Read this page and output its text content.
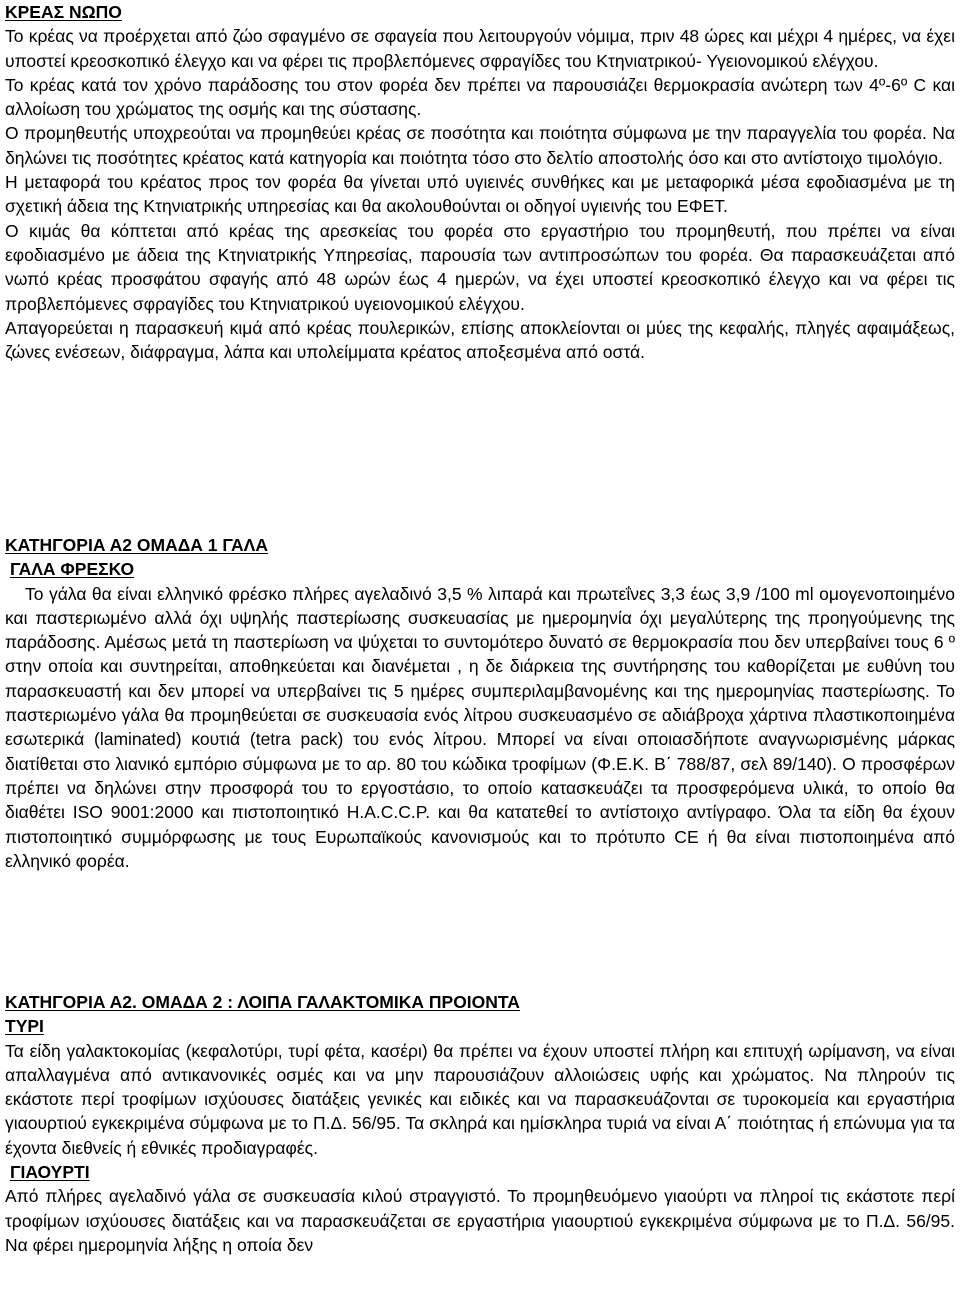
ΚΡΕΑΣ ΝΩΠΟ

Το κρέας να προέρχεται από ζώο σφαγμένο σε σφαγεία που λειτουργούν νόμιμα, πριν 48 ώρες και μέχρι 4 ημέρες, να έχει υποστεί κρεοσκοπικό έλεγχο και να φέρει τις προβλεπόμενες σφραγίδες του Κτηνιατρικού- Υγειονομικού ελέγχου.

Το κρέας κατά τον χρόνο παράδοσης του στον φορέα δεν πρέπει να παρουσιάζει θερμοκρασία ανώτερη των 4º-6º C και αλλοίωση του χρώματος της οσμής και της σύστασης.

Ο προμηθευτής υποχρεούται να προμηθεύει κρέας σε ποσότητα και ποιότητα σύμφωνα με την παραγγελία του φορέα. Να δηλώνει τις ποσότητες κρέατος κατά κατηγορία και ποιότητα τόσο στο δελτίο αποστολής όσο και στο αντίστοιχο τιμολόγιο.

Η μεταφορά του κρέατος προς τον φορέα θα γίνεται υπό υγιεινές συνθήκες και με μεταφορικά μέσα εφοδιασμένα με τη σχετική άδεια της Κτηνιατρικής υπηρεσίας και θα ακολουθούνται οι οδηγοί υγιεινής του ΕΦΕΤ.

Ο κιμάς θα κόπτεται από κρέας της αρεσκείας του φορέα στο εργαστήριο του προμηθευτή, που πρέπει να είναι εφοδιασμένο με άδεια της Κτηνιατρικής Υπηρεσίας, παρουσία των αντιπροσώπων του φορέα. Θα παρασκευάζεται από νωπό κρέας προσφάτου σφαγής από 48 ωρών έως 4 ημερών, να έχει υποστεί κρεοσκοπικό έλεγχο και να φέρει τις προβλεπόμενες σφραγίδες του Κτηνιατρικού υγειονομικού ελέγχου.

Απαγορεύεται η παρασκευή κιμά από κρέας πουλερικών, επίσης αποκλείονται οι μύες της κεφαλής, πληγές αφαιμάξεως, ζώνες ενέσεων, διάφραγμα, λάπα και υπολείμματα κρέατος αποξεσμένα από οστά.

ΚΑΤΗΓΟΡΙΑ Α2 ΟΜΑΔΑ 1 ΓΑΛΑ
ΓΑΛΑ ΦΡΕΣΚΟ

Το γάλα θα είναι ελληνικό φρέσκο πλήρες αγελαδινό 3,5 % λιπαρά και πρωτεΐνες 3,3 έως 3,9 /100 ml ομογενοποιημένο και παστεριωμένο αλλά όχι υψηλής παστερίωσης συσκευασίας με ημερομηνία όχι μεγαλύτερης της προηγούμενης της παράδοσης. Αμέσως μετά τη παστερίωση να ψύχεται το συντομότερο δυνατό σε θερμοκρασία που δεν υπερβαίνει τους 6 º στην οποία και συντηρείται, αποθηκεύεται και διανέμεται , η δε διάρκεια της συντήρησης του καθορίζεται με ευθύνη του παρασκευαστή και δεν μπορεί να υπερβαίνει τις 5 ημέρες συμπεριλαμβανομένης και της ημερομηνίας παστερίωσης. Το παστεριωμένο γάλα θα προμηθεύεται σε συσκευασία ενός λίτρου συσκευασμένο σε αδιάβροχα χάρτινα πλαστικοποιημένα εσωτερικά (laminated) κουτιά (tetra pack) του ενός λίτρου. Μπορεί να είναι οποιασδήποτε αναγνωρισμένης μάρκας διατίθεται στο λιανικό εμπόριο σύμφωνα με το αρ. 80 του κώδικα τροφίμων (Φ.Ε.Κ. Β΄ 788/87, σελ 89/140). Ο προσφέρων πρέπει να δηλώνει στην προσφορά του το εργοστάσιο, το οποίο κατασκευάζει τα προσφερόμενα υλικά, το οποίο θα διαθέτει ISO 9001:2000 και πιστοποιητικό H.A.C.C.P. και θα κατατεθεί το αντίστοιχο αντίγραφο. Όλα τα είδη θα έχουν πιστοποιητικό συμμόρφωσης με τους Ευρωπαϊκούς κανονισμούς και το πρότυπο CE ή θα είναι πιστοποιημένα από ελληνικό φορέα.

ΚΑΤΗΓΟΡΙΑ Α2. ΟΜΑΔΑ 2 : ΛΟΙΠΑ ΓΑΛΑΚΤΟΜΙΚΑ ΠΡΟΙΟΝΤΑ
ΤΥΡΙ

Τα είδη γαλακτοκομίας (κεφαλοτύρι, τυρί φέτα, κασέρι) θα πρέπει να έχουν υποστεί πλήρη και επιτυχή ωρίμανση, να είναι απαλλαγμένα από αντικανονικές οσμές και να μην παρουσιάζουν αλλοιώσεις υφής και χρώματος. Να πληρούν τις εκάστοτε περί τροφίμων ισχύουσες διατάξεις γενικές και ειδικές και να παρασκευάζονται σε τυροκομεία και εργαστήρια γιαουρτιού εγκεκριμένα σύμφωνα με το Π.Δ. 56/95. Τα σκληρά και ημίσκληρα τυριά να είναι Α΄ ποιότητας ή επώνυμα για τα έχοντα διεθνείς ή εθνικές προδιαγραφές.

ΓΙΑΟΥΡΤΙ

Από πλήρες αγελαδινό γάλα σε συσκευασία κιλού στραγγιστό. Το προμηθευόμενο γιαούρτι να πληροί τις εκάστοτε περί τροφίμων ισχύουσες διατάξεις και να παρασκευάζεται σε εργαστήρια γιαουρτιού εγκεκριμένα σύμφωνα με το Π.Δ. 56/95. Να φέρει ημερομηνία λήξης η οποία δεν
